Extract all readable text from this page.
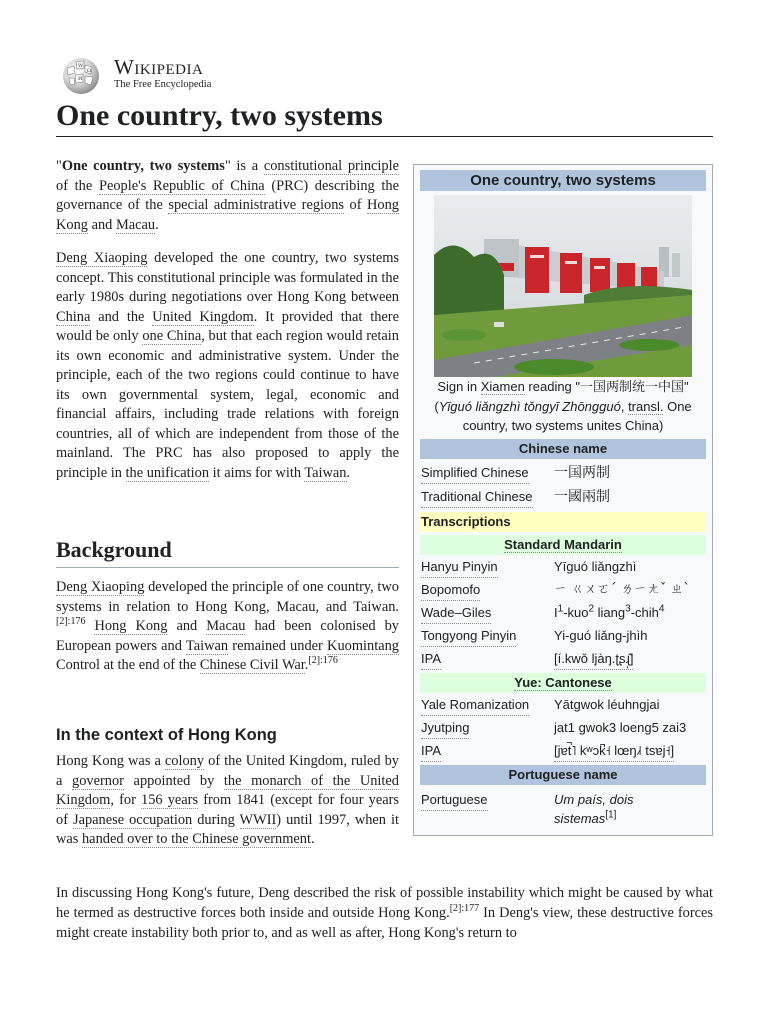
W
Ω
И Wikipedia
The Free Encyclopedia
One country, two systems

"One country, two systems" is a constitutional principle of the People's Republic of China (PRC) describing the governance of the special administrative regions of Hong Kong and Macau.

Deng Xiaoping developed the one country, two systems concept. This constitutional principle was formulated in the early 1980s during negotiations over Hong Kong between China and the United Kingdom. It provided that there would be only one China, but that each region would retain its own economic and administrative system. Under the principle, each of the two regions could continue to have its own governmental system, legal, economic and financial affairs, including trade relations with foreign countries, all of which are independent from those of the mainland. The PRC has also proposed to apply the principle in the unification it aims for with Taiwan.

Background

Deng Xiaoping developed the principle of one country, two systems in relation to Hong Kong, Macau, and Taiwan.$^{[2]:176}$ Hong Kong and Macau had been colonised by European powers and Taiwan remained under Kuomintang Control at the end of the Chinese Civil War.$^{[2]:176}$

In the context of Hong Kong

Hong Kong was a colony of the United Kingdom, ruled by a governor appointed by the monarch of the United Kingdom, for 156 years from 1841 (except for four years of Japanese occupation during WWII) until 1997, when it was handed over to the Chinese government.

In discussing Hong Kong's future, Deng described the risk of possible instability which might be caused by what he termed as destructive forces both inside and outside Hong Kong.$^{[2]:177}$ In Deng's view, these destructive forces might create instability both prior to, and as well as after, Hong Kong's return to
One country, two systems
Sign in Xiamen reading "一国两制统一中国" (Yīguó liǎngzhì tǒngyī Zhōngguó, transl. One country, two systems unites China)
Chinese name
Simplified Chinese 一国两制
Traditional Chinese 一國兩制
Transcriptions
Standard Mandarin
Hanyu Pinyin	Yīguó liǎngzhì
Bopomofo	ㄧ ㄍㄨㄛˊ ㄌㄧㄤˇ ㄓˋ
Wade–Giles	$I^1-kuo^2$ liang$^3$-chih$^4$
Tongyong Pinyin	Yi-guó liǎng-jhìh
IPA	[í.kwǒ ljàŋ.ʈʂɻ̩̂]
Yue: Cantonese
Yale Romanization Yātgwok léuhngjai
Jyutping	jat1 gwok3 loeng5 zai3
IPA	[jɐt̚˥ kʷɔk̚˧ lœŋ˩˧ tsɐj˧]
Portuguese name
Portuguese	Um país, dois sistemas[1]
